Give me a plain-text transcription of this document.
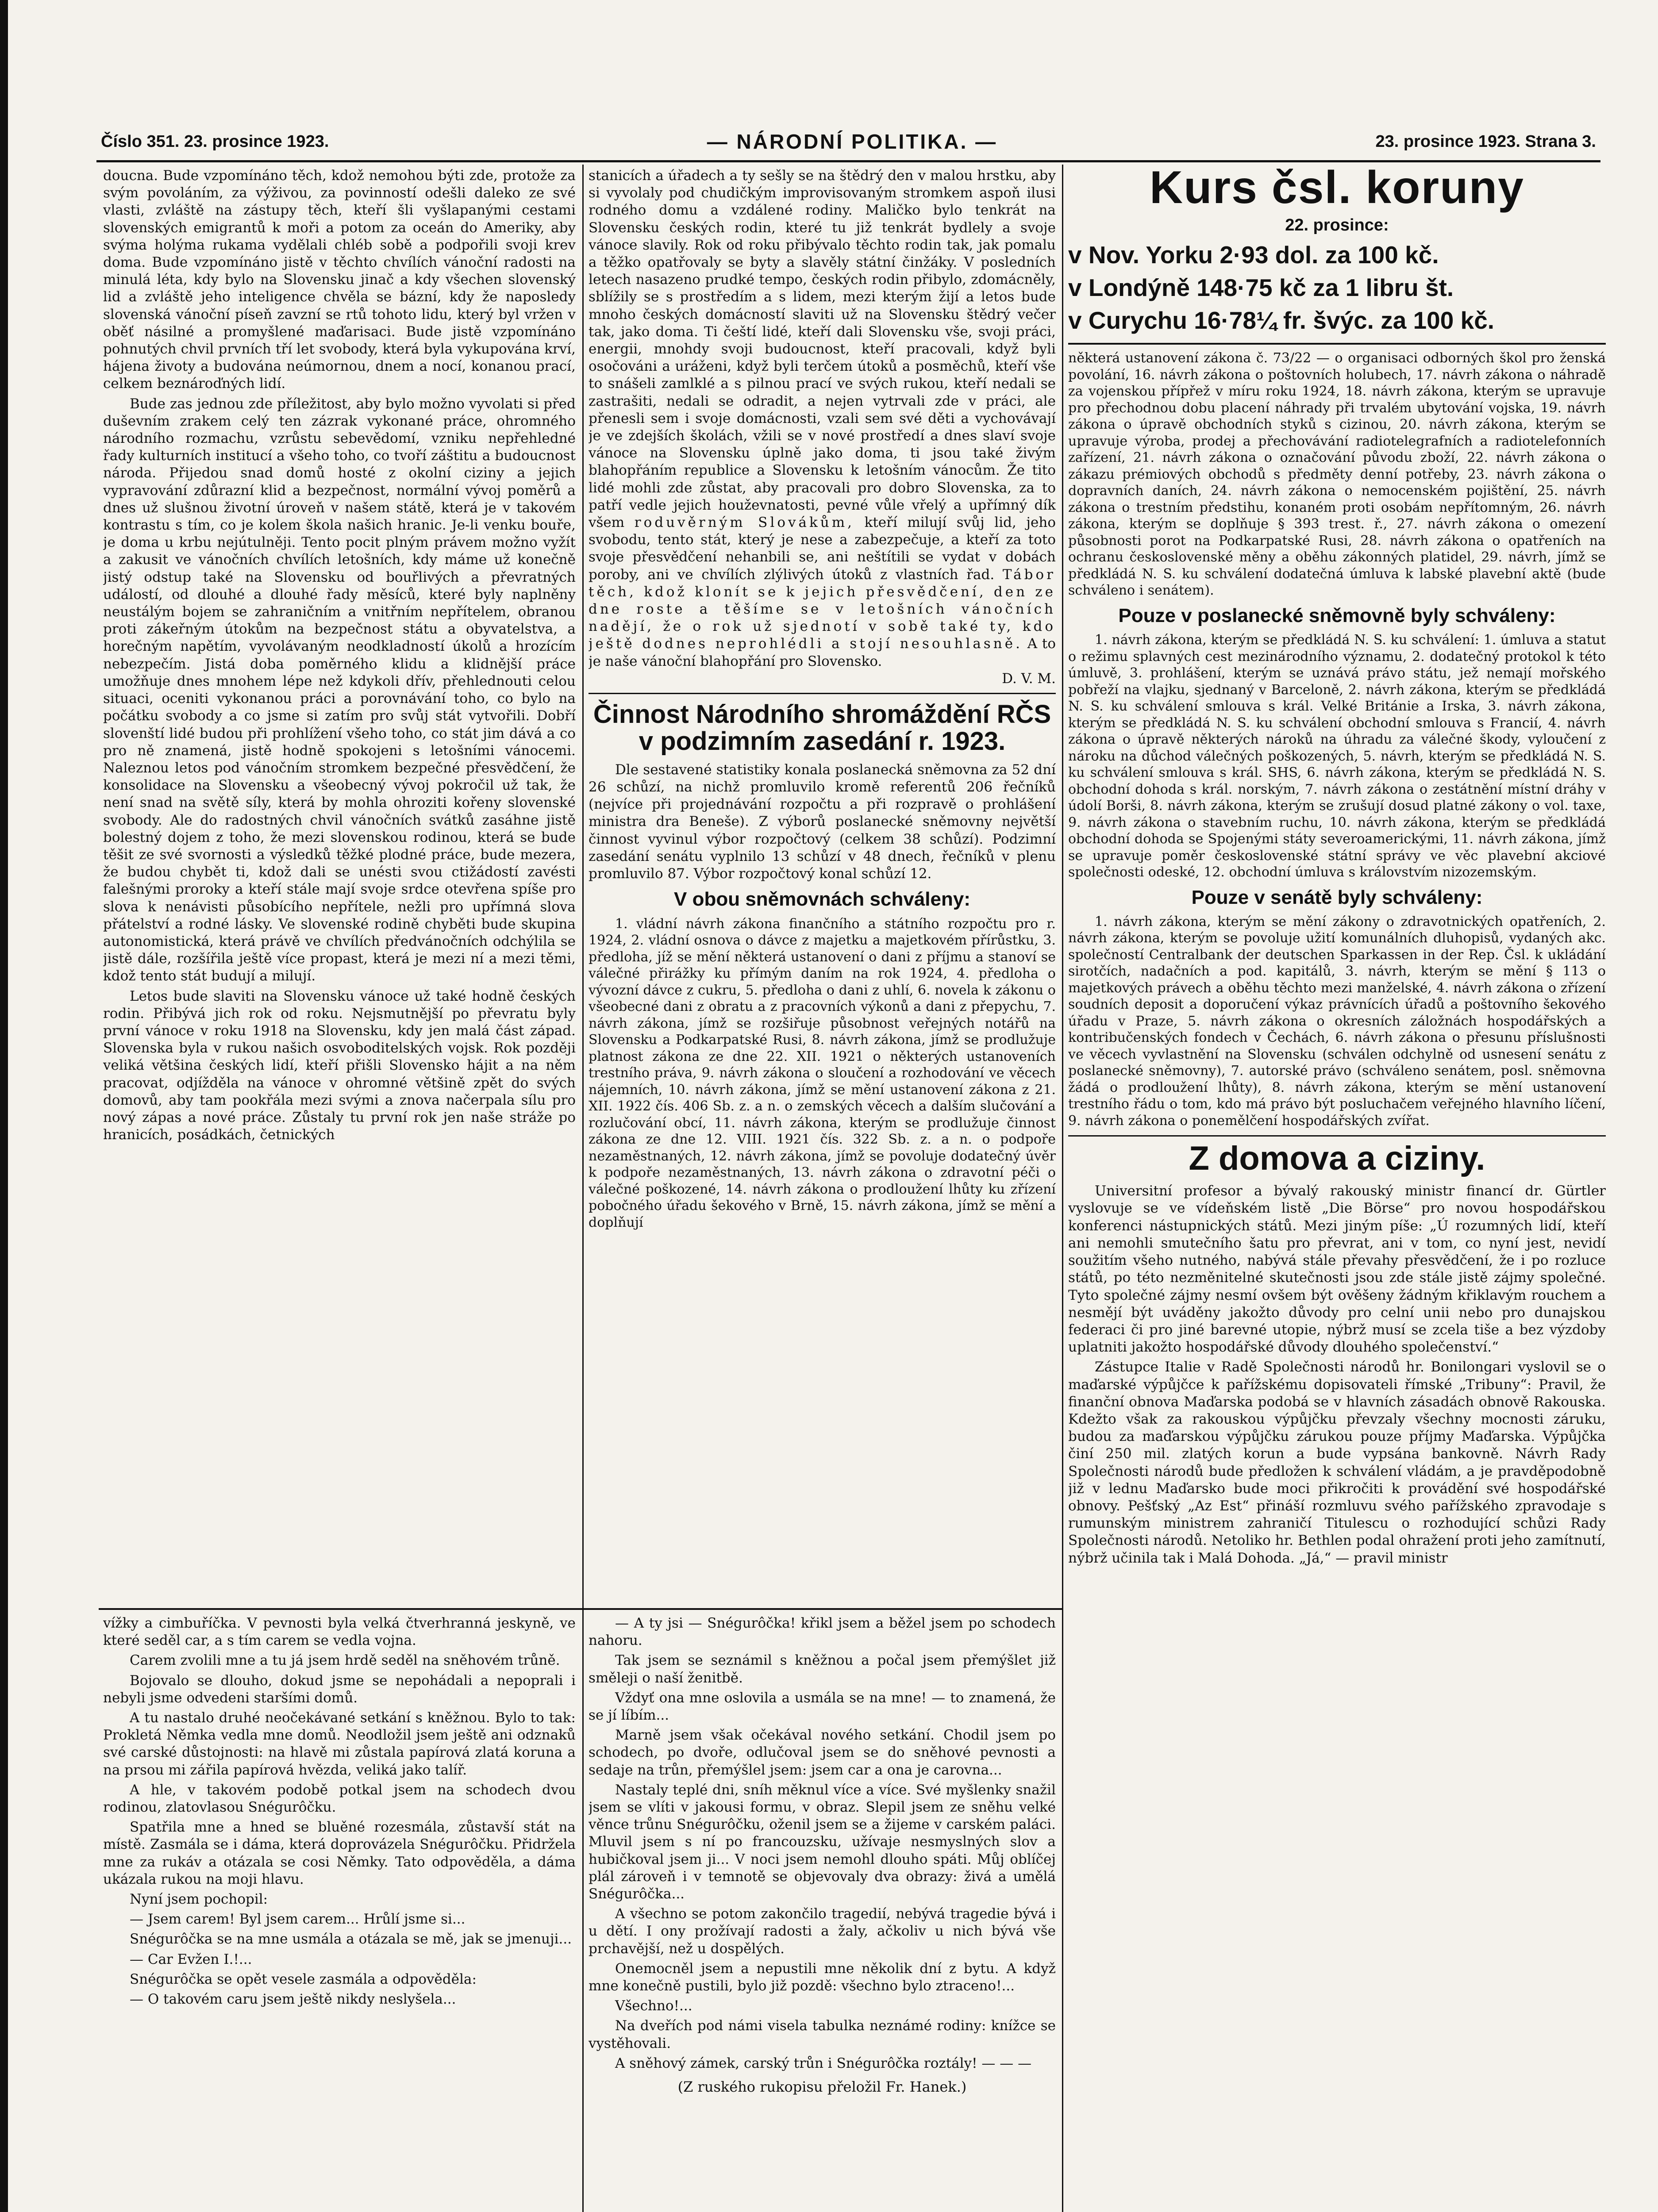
Číslo 351. 23. prosince 1923.	— NÁRODNÍ POLITIKA. —	23. prosince 1923. Strana 3.

doucna. Bude vzpomínáno těch, kdož nemohou býti zde, protože za svým povoláním, za výživou, za povinností odešli daleko ze své vlasti, zvláště na zástupy těch, kteří šli vyšlapanými cestami slovenských emigrantů k moři a potom za oceán do Ameriky, aby svýma holýma rukama vydělali chléb sobě a podpořili svoji krev doma. Bude vzpomínáno jistě v těchto chvílích vánoční radosti na minulá léta, kdy bylo na Slovensku jinač a kdy všechen slovenský lid a zvláště jeho inteligence chvěla se bázní, kdy že naposledy slovenská vánoční píseň zavzní se rtů tohoto lidu, který byl vržen v oběť násilné a promyšlené maďarisaci. Bude jistě vzpomínáno pohnutých chvil prvních tří let svobody, která byla vykupována krví, hájena životy a budována neúmornou, dnem a nocí, konanou prací, celkem beznároďných lidí.

Bude zas jednou zde příležitost, aby bylo možno vyvolati si před duševním zrakem celý ten zázrak vykonané práce, ohromného národního rozmachu, vzrůstu sebevědomí, vzniku nepřehledné řady kulturních institucí a všeho toho, co tvoří záštitu a budoucnost národa. Přijedou snad domů hosté z okolní ciziny a jejich vypravování zdůrazní klid a bezpečnost, normální vývoj poměrů a dnes už slušnou životní úroveň v našem státě, která je v takovém kontrastu s tím, co je kolem škola našich hranic. Je-li venku bouře, je doma u krbu nejútulněji. Tento pocit plným právem možno vyžít a zakusit ve vánočních chvílích letošních, kdy máme už konečně jistý odstup také na Slovensku od bouřlivých a převratných událostí, od dlouhé a dlouhé řady měsíců, které byly naplněny neustálým bojem se zahraničním a vnitřním nepřítelem, obranou proti zákeřným útokům na bezpečnost státu a obyvatelstva, a horečným napětím, vyvolávaným neodkladností úkolů a hrozícím nebezpečím. Jistá doba poměrného klidu a klidnější práce umožňuje dnes mnohem lépe než kdykoli dřív, přehlednouti celou situaci, oceniti vykonanou práci a porovnávání toho, co bylo na počátku svobody a co jsme si zatím pro svůj stát vytvořili. Dobří slovenští lidé budou při prohlížení všeho toho, co stát jim dává a co pro ně znamená, jistě hodně spokojeni s letošními vánocemi. Naleznou letos pod vánočním stromkem bezpečné přesvědčení, že konsolidace na Slovensku a všeobecný vývoj pokročil už tak, že není snad na světě síly, která by mohla ohroziti kořeny slovenské svobody. Ale do radostných chvil vánočních svátků zasáhne jistě bolestný dojem z toho, že mezi slovenskou rodinou, která se bude těšit ze své svornosti a výsledků těžké plodné práce, bude mezera, že budou chybět ti, kdož dali se unésti svou ctižádostí zavésti falešnými proroky a kteří stále mají svoje srdce otevřena spíše pro slova k nenávisti působícího nepřítele, nežli pro upřímná slova přátelství a rodné lásky. Ve slovenské rodině chyběti bude skupina autonomistická, která právě ve chvílích předvánočních odchýlila se jistě dále, rozšířila ještě více propast, která je mezi ní a mezi těmi, kdož tento stát budují a milují.

Letos bude slaviti na Slovensku vánoce už také hodně českých rodin. Přibývá jich rok od roku. Nejsmutnější po převratu byly první vánoce v roku 1918 na Slovensku, kdy jen malá část západ. Slovenska byla v rukou našich osvoboditelských vojsk. Rok později veliká většina českých lidí, kteří přišli Slovensko hájit a na něm pracovat, odjížděla na vánoce v ohromné většině zpět do svých domovů, aby tam pookřála mezi svými a znova načerpala sílu pro nový zápas a nové práce. Zůstaly tu první rok jen naše stráže po hranicích, posádkách, četnických

stanicích a úřadech a ty sešly se na štědrý den v malou hrstku, aby si vyvolaly pod chudičkým improvisovaným stromkem aspoň ilusi rodného domu a vzdálené rodiny. Maličko bylo tenkrát na Slovensku českých rodin, které tu již tenkrát bydlely a svoje vánoce slavily. Rok od roku přibývalo těchto rodin tak, jak pomalu a těžko opatřovaly se byty a slavěly státní činžáky. V posledních letech nasazeno prudké tempo, českých rodin přibylo, zdomácněly, sblížily se s prostředím a s lidem, mezi kterým žijí a letos bude mnoho českých domácností slaviti už na Slovensku štědrý večer tak, jako doma. Ti čeští lidé, kteří dali Slovensku vše, svoji práci, energii, mnohdy svoji budoucnost, kteří pracovali, když byli osočováni a uráženi, když byli terčem útoků a posměchů, kteří vše to snášeli zamlklé a s pilnou prací ve svých rukou, kteří nedali se zastrašiti, nedali se odradit, a nejen vytrvali zde v práci, ale přenesli sem i svoje domácnosti, vzali sem své děti a vychovávají je ve zdejších školách, vžili se v nové prostředí a dnes slaví svoje vánoce na Slovensku úplně jako doma, ti jsou také živým blahopřáním republice a Slovensku k letošním vánocům. Že tito lidé mohli zde zůstat, aby pracovali pro dobro Slovenska, za to patří vedle jejich houževnatosti, pevné vůle vřelý a upřímný dík všem roduvěrným Slovákům, kteří milují svůj lid, jeho svobodu, tento stát, který je nese a zabezpečuje, a kteří za toto svoje přesvědčení nehanbili se, ani neštítili se vydat v dobách poroby, ani ve chvílích zlýlivých útoků z vlastních řad. Tábor těch, kdož klonít se k jejich přesvědčení, den ze dne roste a těšíme se v letošních vánočních nadějí, že o rok už sjednotí v sobě také ty, kdo ještě dodnes neprohlédli a stojí nesouhlasně. A to je naše vánoční blahopřání pro Slovensko.

D. V. M.
Činnost Národního shromáždění RČS v podzimním zasedání r. 1923.

Dle sestavené statistiky konala poslanecká sněmovna za 52 dní 26 schůzí, na nichž promluvilo kromě referentů 206 řečníků (nejvíce při projednávání rozpočtu a při rozpravě o prohlášení ministra dra Beneše). Z výborů poslanecké sněmovny největší činnost vyvinul výbor rozpočtový (celkem 38 schůzí). Podzimní zasedání senátu vyplnilo 13 schůzí v 48 dnech, řečníků v plenu promluvilo 87. Výbor rozpočtový konal schůzí 12.

V obou sněmovnách schváleny:

1. vládní návrh zákona finančního a státního rozpočtu pro r. 1924, 2. vládní osnova o dávce z majetku a majetkovém přírůstku, 3. předloha, jíž se mění některá ustanovení o dani z příjmu a stanoví se válečné přirážky ku přímým daním na rok 1924, 4. předloha o vývozní dávce z cukru, 5. předloha o dani z uhlí, 6. novela k zákonu o všeobecné dani z obratu a z pracovních výkonů a dani z přepychu, 7. návrh zákona, jímž se rozšiřuje působnost veřejných notářů na Slovensku a Podkarpatské Rusi, 8. návrh zákona, jímž se prodlužuje platnost zákona ze dne 22. XII. 1921 o některých ustanoveních trestního práva, 9. návrh zákona o sloučení a rozhodování ve věcech nájemních, 10. návrh zákona, jímž se mění ustanovení zákona z 21. XII. 1922 čís. 406 Sb. z. a n. o zemských věcech a dalším slučování a rozlučování obcí, 11. návrh zákona, kterým se prodlužuje činnost zákona ze dne 12. VIII. 1921 čís. 322 Sb. z. a n. o podpoře nezaměstnaných, 12. návrh zákona, jímž se povoluje dodatečný úvěr k podpoře nezaměstnaných, 13. návrh zákona o zdravotní péči o válečné poškozené, 14. návrh zákona o prodloužení lhůty ku zřízení pobočného úřadu šekového v Brně, 15. návrh zákona, jímž se mění a doplňují

vížky a cimbuříčka. V pevnosti byla velká čtverhranná jeskyně, ve které seděl car, a s tím carem se vedla vojna.

Carem zvolili mne a tu já jsem hrdě seděl na sněhovém trůně.

Bojovalo se dlouho, dokud jsme se nepohádali a nepoprali i nebyli jsme odvedeni staršími domů.

A tu nastalo druhé neočekávané setkání s kněžnou. Bylo to tak: Prokletá Němka vedla mne domů. Neodložil jsem ještě ani odznaků své carské důstojnosti: na hlavě mi zůstala papírová zlatá koruna a na prsou mi zářila papírová hvězda, veliká jako talíř.

A hle, v takovém podobě potkal jsem na schodech dvou rodinou, zlatovlasou Snégurôčku.

Spatřila mne a hned se bluěné rozesmála, zůstavší stát na místě. Zasmála se i dáma, která doprovázela Snégurôčku. Přidržela mne za rukáv a otázala se cosi Němky. Tato odpověděla, a dáma ukázala rukou na moji hlavu.

Nyní jsem pochopil:

— Jsem carem! Byl jsem carem... Hrůlí jsme si...

Snégurôčka se na mne usmála a otázala se mě, jak se jmenuji...

— Car Evžen I.!...

Snégurôčka se opět vesele zasmála a odpověděla:

— O takovém caru jsem ještě nikdy neslyšela...

— A ty jsi — Snégurôčka! křikl jsem a běžel jsem po schodech nahoru.

Tak jsem se seznámil s kněžnou a počal jsem přemýšlet již směleji o naší ženitbě.

Vždyť ona mne oslovila a usmála se na mne! — to znamená, že se jí líbím...

Marně jsem však očekával nového setkání. Chodil jsem po schodech, po dvoře, odlučoval jsem se do sněhové pevnosti a sedaje na trůn, přemýšlel jsem: jsem car a ona je carovna...

Nastaly teplé dni, sníh měknul více a více. Své myšlenky snažil jsem se vlíti v jakousi formu, v obraz. Slepil jsem ze sněhu velké věnce trůnu Snégurôčku, oženil jsem se a žijeme v carském paláci. Mluvil jsem s ní po francouzsku, užívaje nesmyslných slov a hubičkoval jsem ji... V noci jsem nemohl dlouho spáti. Můj oblíčej plál zároveň i v temnotě se objevovaly dva obrazy: živá a umělá Snégurôčka...

A všechno se potom zakončilo tragedií, nebývá tragedie bývá i u dětí. I ony prožívají radosti a žaly, ačkoliv u nich bývá vše prchavější, než u dospělých.

Onemocněl jsem a nepustili mne několik dní z bytu. A když mne konečně pustili, bylo již pozdě: všechno bylo ztraceno!...

Všechno!...

Na dveřích pod námi visela tabulka neznámé rodiny: knížce se vystěhovali.

A sněhový zámek, carský trůn i Snégurôčka roztály! — — —

(Z ruského rukopisu přeložil Fr. Hanek.)
Kurs čsl. koruny
22. prosince:
v Nov. Yorku 2·93 dol. za 100 kč.
v Londýně 148·75 kč za 1 libru št.
v Curychu 16·78¼ fr. švýc. za 100 kč.

některá ustanovení zákona č. 73/22 — o organisaci odborných škol pro ženská povolání, 16. návrh zákona o poštovních holubech, 17. návrh zákona o náhradě za vojenskou přípřež v míru roku 1924, 18. návrh zákona, kterým se upravuje pro přechodnou dobu placení náhrady při trvalém ubytování vojska, 19. návrh zákona o úpravě obchodních styků s cizinou, 20. návrh zákona, kterým se upravuje výroba, prodej a přechovávání radiotelegrafních a radiotelefonních zařízení, 21. návrh zákona o označování původu zboží, 22. návrh zákona o zákazu prémiových obchodů s předměty denní potřeby, 23. návrh zákona o dopravních daních, 24. návrh zákona o nemocenském pojištění, 25. návrh zákona o trestním předstihu, konaném proti osobám nepřítomným, 26. návrh zákona, kterým se doplňuje § 393 trest. ř., 27. návrh zákona o omezení působnosti porot na Podkarpatské Rusi, 28. návrh zákona o opatřeních na ochranu československé měny a oběhu zákonných platidel, 29. návrh, jímž se předkládá N. S. ku schválení dodatečná úmluva k labské plavební aktě (bude schváleno i senátem).

Pouze v poslanecké sněmovně byly schváleny:

1. návrh zákona, kterým se předkládá N. S. ku schválení: 1. úmluva a statut o režimu splavných cest mezinárodního významu, 2. dodatečný protokol k této úmluvě, 3. prohlášení, kterým se uznává právo státu, jež nemají mořského pobřeží na vlajku, sjednaný v Barceloně, 2. návrh zákona, kterým se předkládá N. S. ku schválení smlouva s král. Velké Británie a Irska, 3. návrh zákona, kterým se předkládá N. S. ku schválení obchodní smlouva s Francií, 4. návrh zákona o úpravě některých nároků na úhradu za válečné škody, vyloučení z nároku na důchod válečných poškozených, 5. návrh, kterým se předkládá N. S. ku schválení smlouva s král. SHS, 6. návrh zákona, kterým se předkládá N. S. obchodní dohoda s král. norským, 7. návrh zákona o zestátnění místní dráhy v údolí Borši, 8. návrh zákona, kterým se zrušují dosud platné zákony o vol. taxe, 9. návrh zákona o stavebním ruchu, 10. návrh zákona, kterým se předkládá obchodní dohoda se Spojenými státy severoamerickými, 11. návrh zákona, jímž se upravuje poměr československé státní správy ve věc plavební akciové společnosti odeské, 12. obchodní úmluva s královstvím nizozemským.

Pouze v senátě byly schváleny:

1. návrh zákona, kterým se mění zákony o zdravotnických opatřeních, 2. návrh zákona, kterým se povoluje užití komunálních dluhopisů, vydaných akc. společností Centralbank der deutschen Sparkassen in der Rep. Čsl. k ukládání sirotčích, nadačních a pod. kapitálů, 3. návrh, kterým se mění § 113 o majetkových právech a oběhu těchto mezi manželské, 4. návrh zákona o zřízení soudních deposit a doporučení výkaz právnících úřadů a poštovního šekového úřadu v Praze, 5. návrh zákona o okresních záložnách hospodářských a kontribučenských fondech v Čechách, 6. návrh zákona o přesunu příslušnosti ve věcech vyvlastnění na Slovensku (schválen odchylně od usnesení senátu z poslanecké sněmovny), 7. autorské právo (schváleno senátem, posl. sněmovna žádá o prodloužení lhůty), 8. návrh zákona, kterým se mění ustanovení trestního řádu o tom, kdo má právo být posluchačem veřejného hlavního líčení, 9. návrh zákona o ponemělčení hospodářských zvířat.

Z domova a ciziny.

Universitní profesor a bývalý rakouský ministr financí dr. Gürtler vyslovuje se ve vídeňském listě „Die Börse“ pro novou hospodářskou konferenci nástupnických států. Mezi jiným píše: „Ú rozumných lidí, kteří ani nemohli smutečního šatu pro převrat, ani v tom, co nyní jest, nevidí soužitím všeho nutného, nabývá stále převahy přesvědčení, že i po rozluce států, po této nezměnitelné skutečnosti jsou zde stále jistě zájmy společné. Tyto společné zájmy nesmí ovšem být ověšeny žádným křiklavým rouchem a nesmějí být uváděny jakožto důvody pro celní unii nebo pro dunajskou federaci či pro jiné barevné utopie, nýbrž musí se zcela tiše a bez výzdoby uplatniti jakožto hospodářské důvody dlouhého společenství.“

Zástupce Italie v Radě Společnosti národů hr. Bonilongari vyslovil se o maďarské výpůjčce k pařížskému dopisovateli římské „Tribuny“: Pravil, že finanční obnova Maďarska podobá se v hlavních zásadách obnově Rakouska. Kdežto však za rakouskou výpůjčku převzaly všechny mocnosti záruku, budou za maďarskou výpůjčku zárukou pouze příjmy Maďarska. Výpůjčka činí 250 mil. zlatých korun a bude vypsána bankovně. Návrh Rady Společnosti národů bude předložen k schválení vládám, a je pravděpodobně již v lednu Maďarsko bude moci přikročiti k provádění své hospodářské obnovy. Pešťský „Az Est“ přináší rozmluvu svého pařížského zpravodaje s rumunským ministrem zahraničí Titulescu o rozhodující schůzi Rady Společnosti národů. Netoliko hr. Bethlen podal ohražení proti jeho zamítnutí, nýbrž učinila tak i Malá Dohoda. „Já,“ — pravil ministr
